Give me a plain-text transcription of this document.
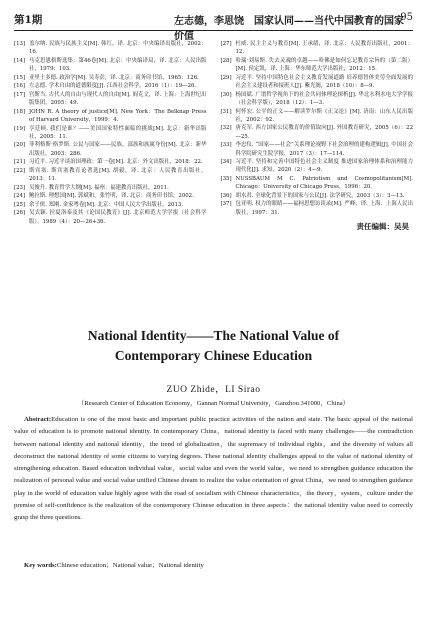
第1期	左志德，李思饶　国家认同——当代中国教育的国家价值
95
[13] 盖尔纳. 民族与民族主义[M]. 韩红，译. 北京：中央编译出版社，2002：16.
[14] 马克思恩格斯选集：第46卷[M]. 北京：中央编译局，译. 北京：人民出版社，1979：103.
[15] 亚里士多德. 政治学[M]. 吴寿彭，译. 北京：商务印书馆，1965：126.
[16] 左志德. 学术自由的道德限度[J]. 江西社会科学，2016（1）：19—26.
[17] 宫斯当. 古代人的自由与现代人的自由[M]. 阎克文，译. 上海：上海世纪出版集团，2005：49.
[18] JOHN R. A theory of justice[M]. New York：The Belknap Press of Harvard University，1999：4.
[19] 亨廷顿. 我们是谁？——美国国家特性面临的挑战[M]. 北京：新华出版社，2005：11.
[20] 菲利格斯·格罗斯. 公民与国家——民族、部族和族属身份[M]. 北京：新华出版社，2003：286.
[21] 习近平. 习近平谈治国理政：第一卷[M]. 北京：外文出版社，2018：22.
[22] 斯宾塞. 斯宾塞教育论著选[M]. 胡毅，译. 北京：人民教育出版社，2013：11.
[23] 吴俊升. 教育哲学大纲[M]. 福州：福建教育出版社，2011.
[24] 鲍拉斯. 理想国[M]. 郭斌和，张竹明，译. 北京：商务印书馆，2002.
[25] 余子侠. 郑刚. 金家粤卷[M]. 北京：中国人民大学出版社，2013.
[26] 吴式颖. 拉夏洛泰及其《论国民教育》[J]. 北京师范大学学报（社会科学版），1989（4）：20—26+36.
[27] 杜威. 民主主义与教育[M]. 王承绪，译. 北京：人民教育出版社，2001：12.
[28] 哈瑞·刘易斯. 失去灵魂的卓越——哈佛是如何忘记教育宗旨的（第二版）[M]. 侯定凯，译. 上海：华东师范大学出版社，2012：15.
[29] 习近平. 坚持中国特色社会主义教育发展道路 培养德智体美劳全面发展的社会主义建设者和接班人[J]. 紫光阁，2018（10）：8—9.
[30] 杨国斌. 广谱哲学视角下的社会共同体理论探析[J]. 华北水利水电大学学报（社会科学版），2018（12）：1—3.
[31] 何怀宏. 公平的正义——解读罗尔斯《正义论》[M]. 济南：山东人民出版社，2002：92.
[32] 唐克军. 西方国家公民教育的价值取向[J]. 外国教育研究，2005（6）：22—25.
[33] 李忠仪. “国家——社会”关系理论视野下社会治理的建构逻辑[J]. 中国社会科学院研究生院学报，2017（3）：17—114.
[34] 习近平. 坚持和完善中国特色社会主义制度 推进国家治理体系和治理能力现代化[J]. 求知，2020（2）：4—9.
[35] NUSSBAUM M C. Patriotism and Cosmopolitanism[M]. Chicago：University of Chicago Press，1996：20.
[36] 胡水君. 全球化背景下的国家与公民[J]. 法学研究，2003（3）：3—13.
[37] 包亚明. 权力的眼睛——福柯思想访谈录[M]. 严峰，译. 上海：上海人民出版社，1997：31.
责任编辑：吴昊
National Identity——The National Value of
Contemporary Chinese Education
ZUO Zhide，LI Sirao
（Research Center of Education Economy，Gannan Normal University，Ganzhou 341000，China）
Abstract:Education is one of the most basic and important public practice activities of the nation and state. The basic appeal of the national value of education is to promote national identity. In contemporary China，national identity is faced with many challenges——the contradiction between national identity and national identity，the trend of globalization，the supremacy of individual rights，and the diversity of values all deconstruct the national identity of some citizens to varying degrees. These national identity challenges appeal to the value of national identity of strengthening education. Based education individual value，social value and even the world value，we need to strengthen guidance education the realization of personal value and social value unified Chinese dream to realize the value orientation of great China，we need to strengthen guidance play in the world of education value highly agree with the road of socialism with Chinese characteristics，the theory，system，culture under the premise of self-confidence is the realization of the contemporary Chinese education in three aspects：the national identity value need to correctly grasp the three questions.
Key words:Chinese education；National value；National identity
